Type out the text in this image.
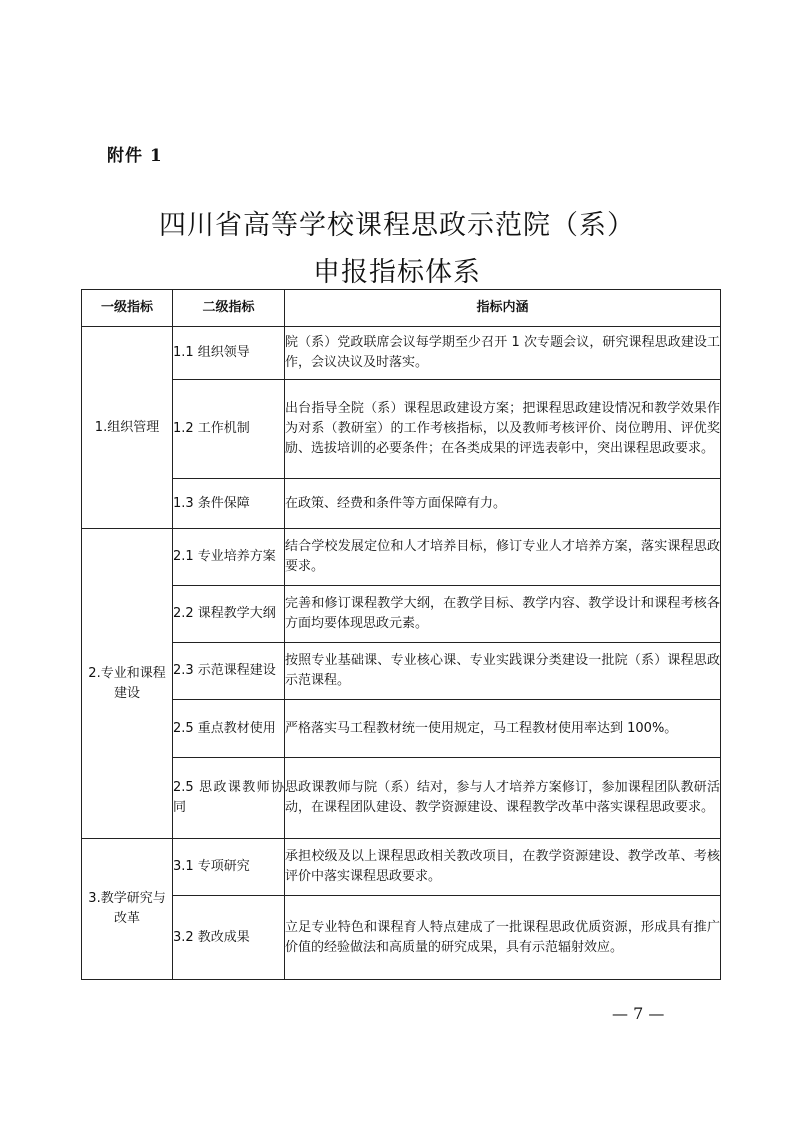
附件 1
四川省高等学校课程思政示范院（系）
申报指标体系
一级指标	二级指标	指标内涵
1.组织管理	1.1 组织领导	院（系）党政联席会议每学期至少召开 1 次专题会议，研究课程思政建设工作，会议决议及时落实。
	1.2 工作机制	出台指导全院（系）课程思政建设方案；把课程思政建设情况和教学效果作为对系（教研室）的工作考核指标，以及教师考核评价、岗位聘用、评优奖励、选拔培训的必要条件；在各类成果的评选表彰中，突出课程思政要求。
	1.3 条件保障	在政策、经费和条件等方面保障有力。
2.专业和课程建设	2.1 专业培养方案	结合学校发展定位和人才培养目标，修订专业人才培养方案，落实课程思政要求。
	2.2 课程教学大纲	完善和修订课程教学大纲，在教学目标、教学内容、教学设计和课程考核各方面均要体现思政元素。
	2.3 示范课程建设	按照专业基础课、专业核心课、专业实践课分类建设一批院（系）课程思政示范课程。
	2.5 重点教材使用	严格落实马工程教材统一使用规定，马工程教材使用率达到 100%。
	2.5 思政课教师协同	思政课教师与院（系）结对，参与人才培养方案修订，参加课程团队教研活动，在课程团队建设、教学资源建设、课程教学改革中落实课程思政要求。
3.教学研究与改革	3.1 专项研究	承担校级及以上课程思政相关教改项目，在教学资源建设、教学改革、考核评价中落实课程思政要求。
	3.2 教改成果	立足专业特色和课程育人特点建成了一批课程思政优质资源，形成具有推广价值的经验做法和高质量的研究成果，具有示范辐射效应。
— 7 —
